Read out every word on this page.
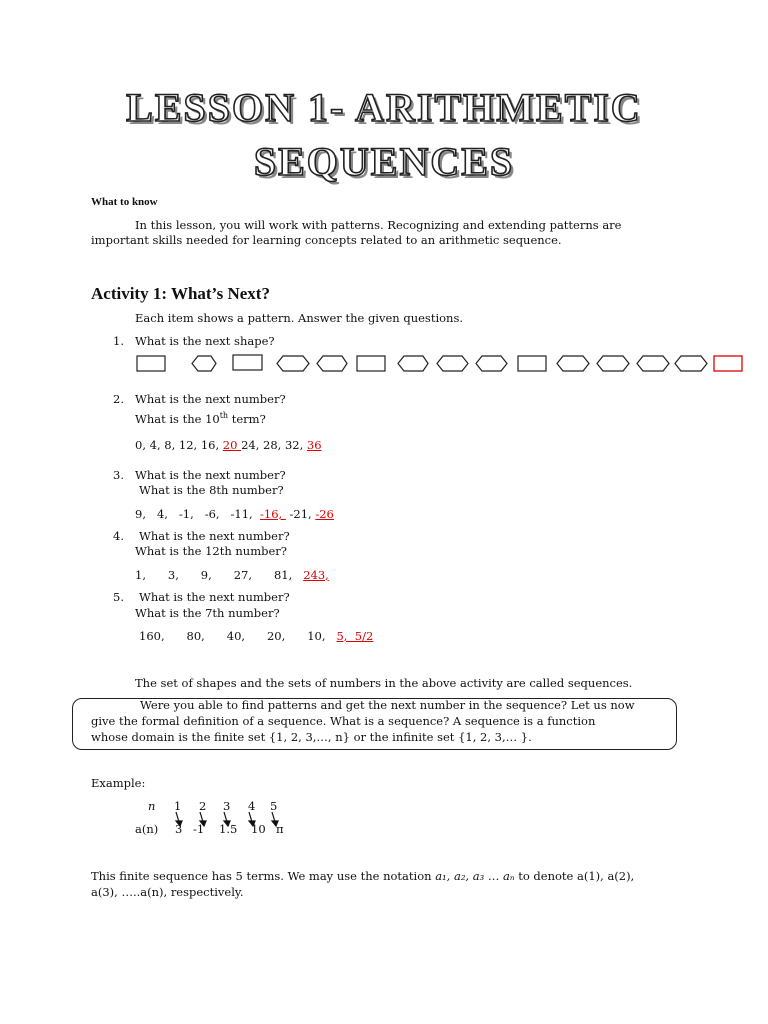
LESSON 1- ARITHMETIC
SEQUENCES
What to know
In this lesson, you will work with patterns. Recognizing and extending patterns are
important skills needed for learning concepts related to an arithmetic sequence.
Activity 1: What’s Next?
Each item shows a pattern. Answer the given questions.
1. What is the next shape?
2. What is the next number?
What is the 10th term?
0, 4, 8, 12, 16, 20 24, 28, 32, 36
3. What is the next number?
What is the 8th number?
9,   4,   -1,   -6,   -11,  -16,  -21, -26
4. What is the next number?
What is the 12th number?
1,      3,      9,      27,      81,   243,
5. What is the next number?
What is the 7th number?
160,      80,      40,      20,      10,   5,  5/2
The set of shapes and the sets of numbers in the above activity are called sequences.
Were you able to find patterns and get the next number in the sequence? Let us now
give the formal definition of a sequence. What is a sequence? A sequence is a function
whose domain is the finite set {1, 2, 3,…, n} or the infinite set {1, 2, 3,… }.
Example:
n 1 2 3 4 5
a(n) 3 -1 1.5 10 π
This finite sequence has 5 terms. We may use the notation a₁, a₂, a₃ … aₙ to denote a(1), a(2),
a(3), …..a(n), respectively.
